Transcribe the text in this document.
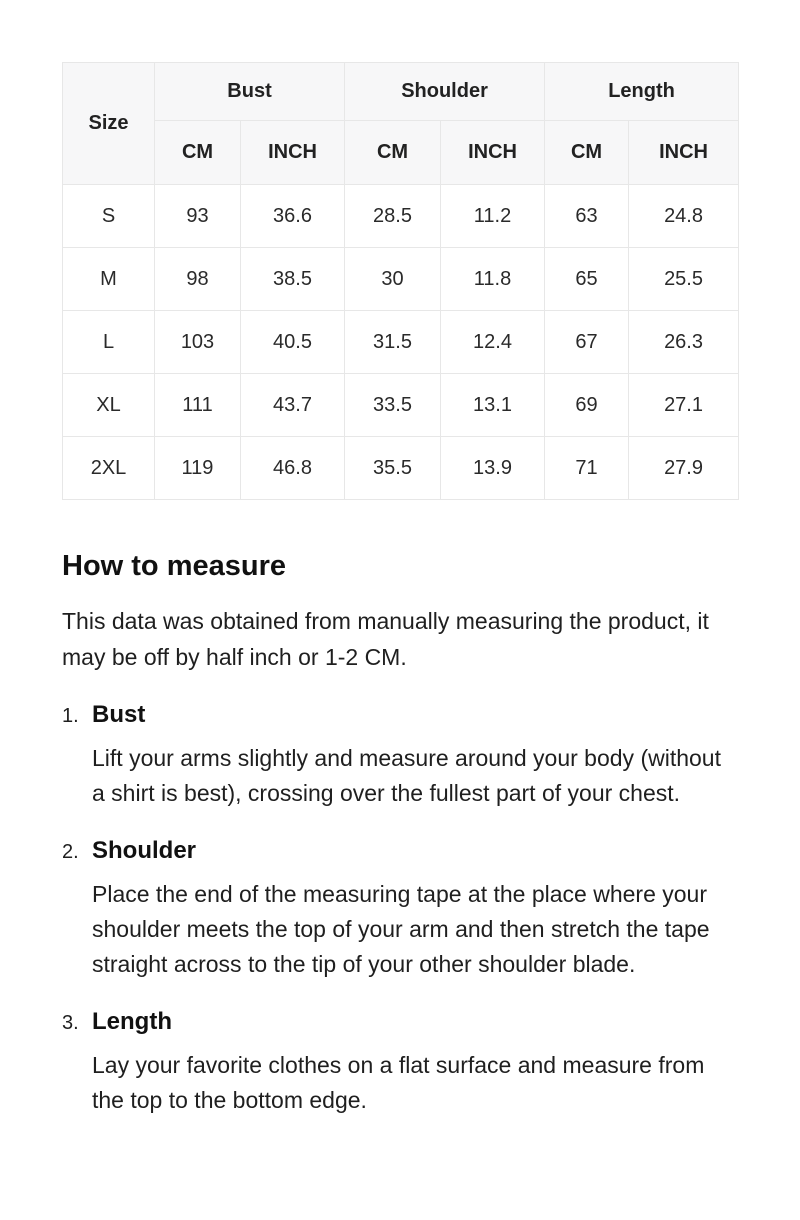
Size	Bust		Shoulder		Length	
	CM	INCH	CM	INCH	CM	INCH
S	93	36.6	28.5	11.2	63	24.8
M	98	38.5	30	11.8	65	25.5
L	103	40.5	31.5	12.4	67	26.3
XL	111	43.7	33.5	13.1	69	27.1
2XL	119	46.8	35.5	13.9	71	27.9
How to measure

This data was obtained from manually measuring the product, it may be off by half inch or 1-2 CM.

1. Bust

Lift your arms slightly and measure around your body (without a shirt is best), crossing over the fullest part of your chest.

2. Shoulder

Place the end of the measuring tape at the place where your shoulder meets the top of your arm and then stretch the tape straight across to the tip of your other shoulder blade.

3. Length

Lay your favorite clothes on a flat surface and measure from the top to the bottom edge.
